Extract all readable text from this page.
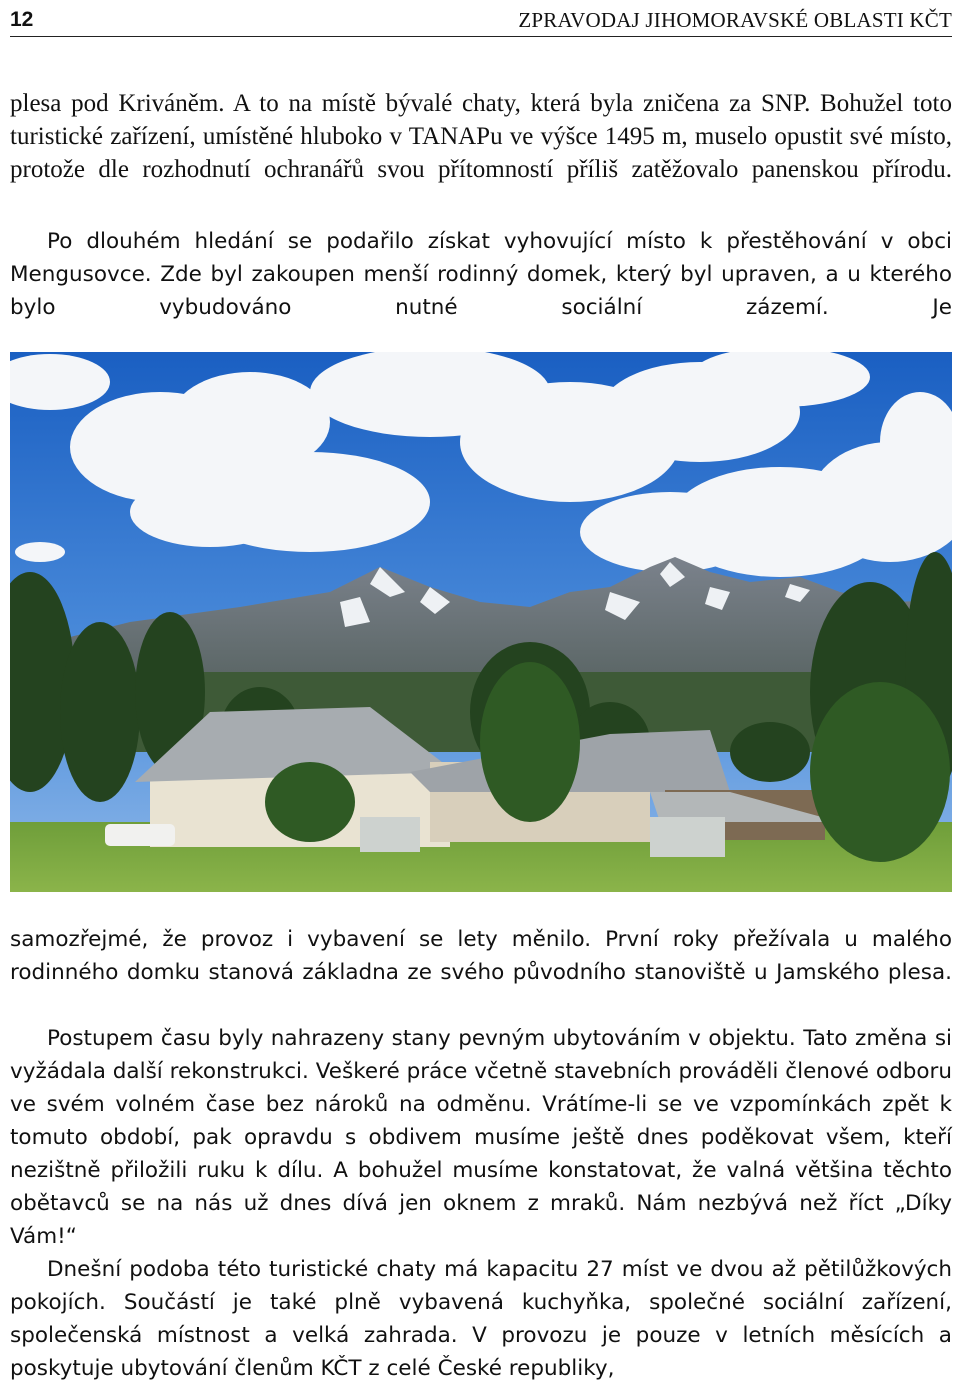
12	ZPRAVODAJ JIHOMORAVSKÉ OBLASTI KČT

plesa pod Kriváněm. A to na místě bývalé chaty, která byla zničena za SNP. Bohužel toto turistické zařízení, umístěné hluboko v TANAPu ve výšce 1495 m, muselo opustit své místo, protože dle rozhodnutí ochranářů svou přítomností příliš zatěžovalo panenskou přírodu.

Po dlouhém hledání se podařilo získat vyhovující místo k přestěhování v obci Mengusovce. Zde byl zakoupen menší rodinný domek, který byl upraven, a u kterého bylo vybudováno nutné sociální zázemí. Je

samozřejmé, že provoz i vybavení se lety měnilo. První roky přežívala u malého rodinného domku stanová základna ze svého původního stanoviště u Jamského plesa.

Postupem času byly nahrazeny stany pevným ubytováním v objektu. Tato změna si vyžádala další rekonstrukci. Veškeré práce včetně stavebních prováděli členové odboru ve svém volném čase bez nároků na odměnu. Vrátíme-li se ve vzpomínkách zpět k tomuto období, pak opravdu s obdivem musíme ještě dnes poděkovat všem, kteří nezištně přiložili ruku k dílu. A bohužel musíme konstatovat, že valná většina těchto obětavců se na nás už dnes dívá jen oknem z mraků. Nám nezbývá než říct „Díky Vám!“

Dnešní podoba této turistické chaty má kapacitu 27 míst ve dvou až pětilůžkových pokojích. Součástí je také plně vybavená kuchyňka, společné sociální zařízení, společenská místnost a velká zahrada. V provozu je pouze v letních měsících a poskytuje ubytování členům KČT z celé České republiky,
